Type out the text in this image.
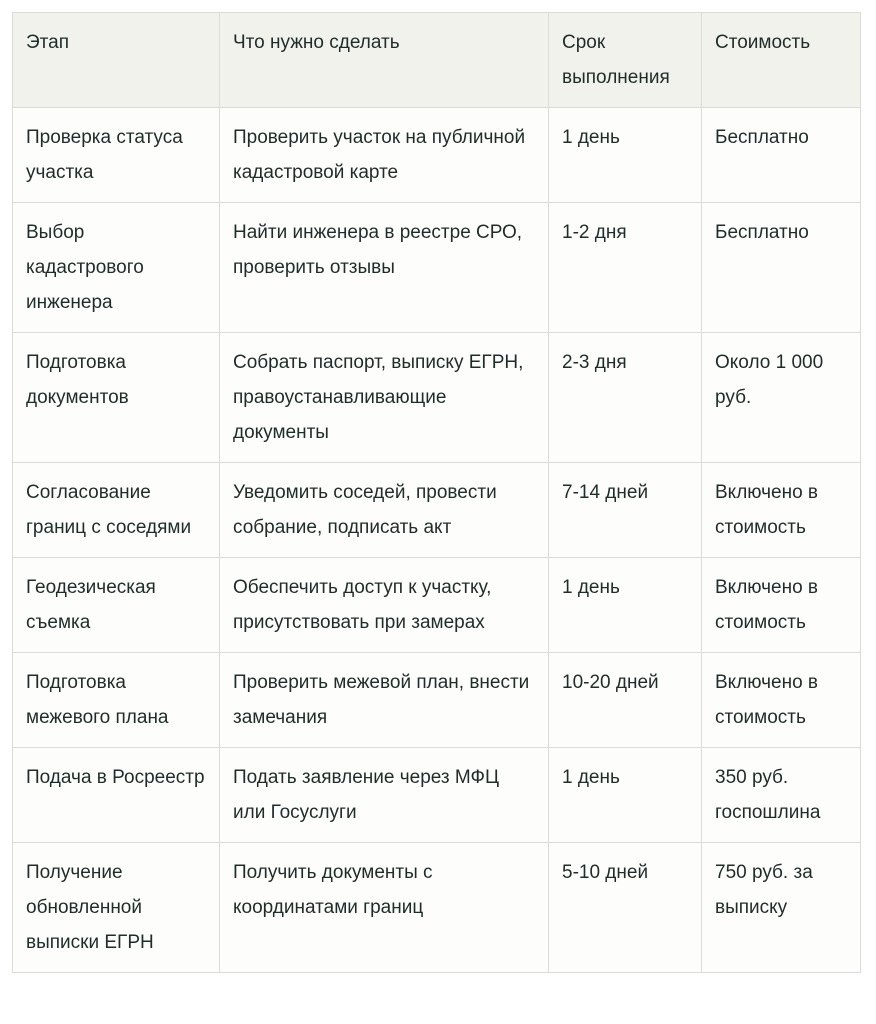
Этап	Что нужно сделать	Срок выполнения	Стоимость
Проверка статуса участка	Проверить участок на публичной кадастровой карте	1 день	Бесплатно
Выбор кадастрового инженера	Найти инженера в реестре СРО, проверить отзывы	1-2 дня	Бесплатно
Подготовка документов	Собрать паспорт, выписку ЕГРН, правоустанавливающие документы	2-3 дня	Около 1 000 руб.
Согласование границ с соседями	Уведомить соседей, провести собрание, подписать акт	7-14 дней	Включено в стоимость
Геодезическая съемка	Обеспечить доступ к участку, присутствовать при замерах	1 день	Включено в стоимость
Подготовка межевого плана	Проверить межевой план, внести замечания	10-20 дней	Включено в стоимость
Подача в Росреестр	Подать заявление через МФЦ или Госуслуги	1 день	350 руб. госпошлина
Получение обновленной выписки ЕГРН	Получить документы с координатами границ	5-10 дней	750 руб. за выписку
